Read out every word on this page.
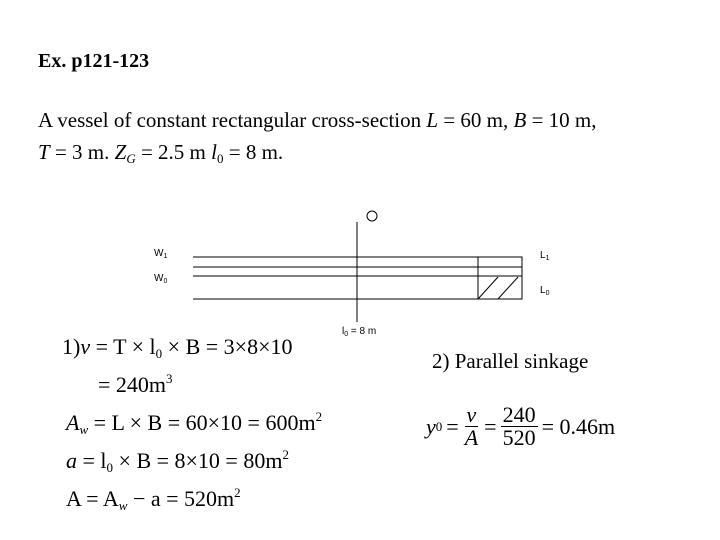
Ex. p121-123
A vessel of constant rectangular cross-section L = 60 m, B = 10 m,
T = 3 m. $Z_G = 2.5$ m $l_0 = 8$ m.
$W_1$
$W_0$
$L_1$
$L_0$
$l_0 = 8$ m
$1)v = T \times l_0 \times B = 3\times 8\times 10$
= $240m^3$
$A_w = L \times B = 60\times 10 = 600m^2$
$a = l_0 \times B = 8\times 10 = 80m^2$
$A = A_w - a = 520m^2$
2) Parallel sinkage
y $0 = \frac{v}{A} = \frac{240}{520} = 0.46m$
